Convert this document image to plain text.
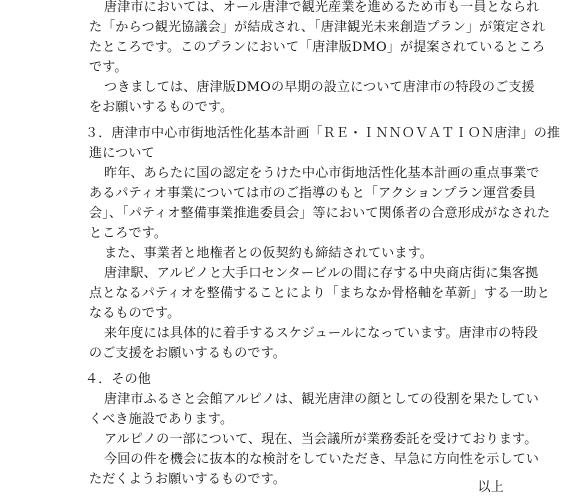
唐津市においては、オール唐津で観光産業を進めるため市も一員となられ
た「からつ観光協議会」が結成され、「唐津観光未来創造プラン」が策定され
たところです。このプランにおいて「唐津版DMO」が提案されているところ
です。
つきましては、唐津版DMOの早期の設立について唐津市の特段のご支援
をお願いするものです。
３．唐津市中心市街地活性化基本計画「ＲＥ・ＩＮＮＯＶＡＴＩＯＮ唐津」の推
進について
昨年、あらたに国の認定をうけた中心市街地活性化基本計画の重点事業で
あるパティオ事業については市のご指導のもと「アクションプラン運営委員
会」、「パティオ整備事業推進委員会」等において関係者の合意形成がなされた
ところです。
また、事業者と地権者との仮契約も締結されています。
唐津駅、アルピノと大手口センタービルの間に存する中央商店街に集客拠
点となるパティオを整備することにより「まちなか骨格軸を革新」する一助と
なるものです。
来年度には具体的に着手するスケジュールになっています。唐津市の特段
のご支援をお願いするものです。
４．その他
唐津市ふるさと会館アルピノは、観光唐津の顔としての役割を果たしてい
くべき施設であります。
アルピノの一部について、現在、当会議所が業務委託を受けております。
今回の件を機会に抜本的な検討をしていただき、早急に方向性を示してい
ただくようお願いするものです。
以上
